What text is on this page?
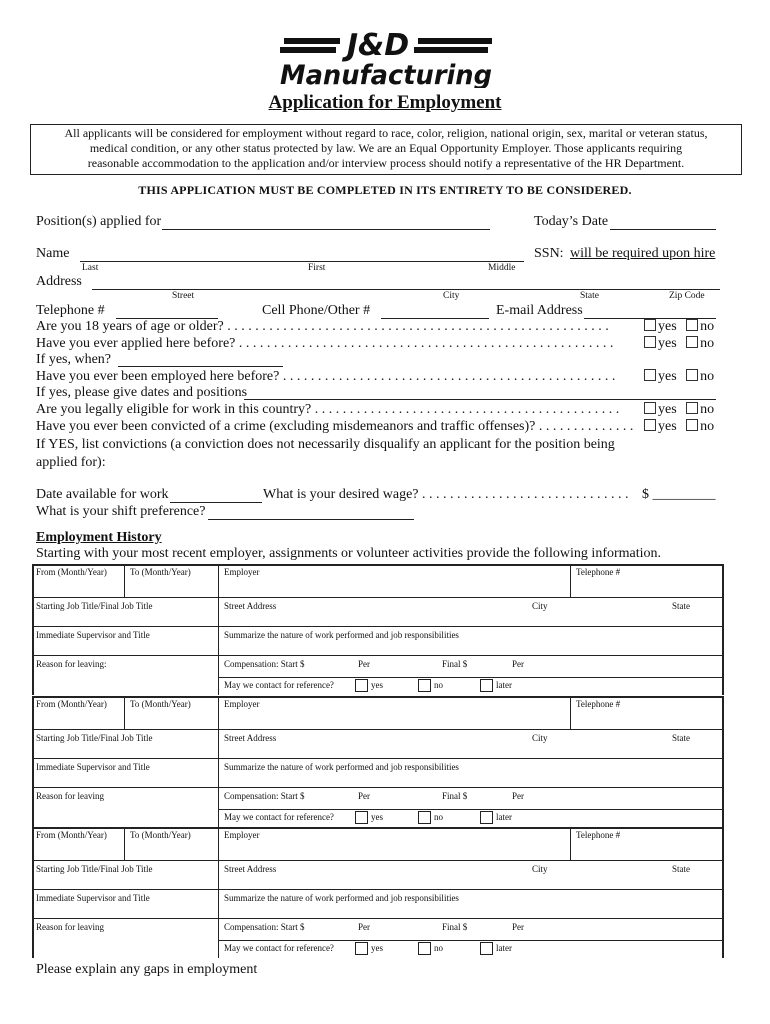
J&D
Manufacturing
Application for Employment
All applicants will be considered for employment without regard to race, color, religion, national origin, sex, marital or veteran status,
medical condition, or any other status protected by law. We are an Equal Opportunity Employer. Those applicants requiring
reasonable accommodation to the application and/or interview process should notify a representative of the HR Department.
THIS APPLICATION MUST BE COMPLETED IN ITS ENTIRETY TO BE CONSIDERED.
Position(s) applied for	Today’s Date
Name	SSN: will be required upon hire
Last	First	Middle
Address
Street	City	State	Zip Code
Telephone #	Cell Phone/Other #	E-mail Address
Are you 18 years of age or older? . . . . . . . . . . . . . . . . . . . . . . . . . . . . . . . . . . . . . . . . . . . . . . . . . . . . . . .	yes no
Have you ever applied here before? . . . . . . . . . . . . . . . . . . . . . . . . . . . . . . . . . . . . . . . . . . . . . . . . . . . . . .	yes no
If yes, when?
Have you ever been employed here before? . . . . . . . . . . . . . . . . . . . . . . . . . . . . . . . . . . . . . . . . . . . . . . . .	yes no
If yes, please give dates and positions
Are you legally eligible for work in this country? . . . . . . . . . . . . . . . . . . . . . . . . . . . . . . . . . . . . . . . . . . . .	yes no
Have you ever been convicted of a crime (excluding misdemeanors and traffic offenses)? . . . . . . . . . . . . . .	yes no
If YES, list convictions (a conviction does not necessarily disqualify an applicant for the position being
applied for):
Date available for work	What is your desired wage? . . . . . . . . . . . . . . . . . . . . . . . . . . . . . . $ _________
What is your shift preference?
Employment History
Starting with your most recent employer, assignments or volunteer activities provide the following information.
From (Month/Year)	To (Month/Year)	Employer	Telephone #
Starting Job Title/Final Job Title	Street Address	City	State
Immediate Supervisor and Title	Summarize the nature of work performed and job responsibilities
Reason for leaving:	Compensation: Start $	Per	Final $	Per
May we contact for reference?	yes	no	later
From (Month/Year)	To (Month/Year)	Employer	Telephone #
Starting Job Title/Final Job Title	Street Address	City	State
Immediate Supervisor and Title	Summarize the nature of work performed and job responsibilities
Reason for leaving	Compensation: Start $	Per	Final $	Per
May we contact for reference?	yes	no	later
From (Month/Year)	To (Month/Year)	Employer	Telephone #
Starting Job Title/Final Job Title	Street Address	City	State
Immediate Supervisor and Title	Summarize the nature of work performed and job responsibilities
Reason for leaving	Compensation: Start $	Per	Final $	Per
May we contact for reference?	yes	no	later
Please explain any gaps in employment
